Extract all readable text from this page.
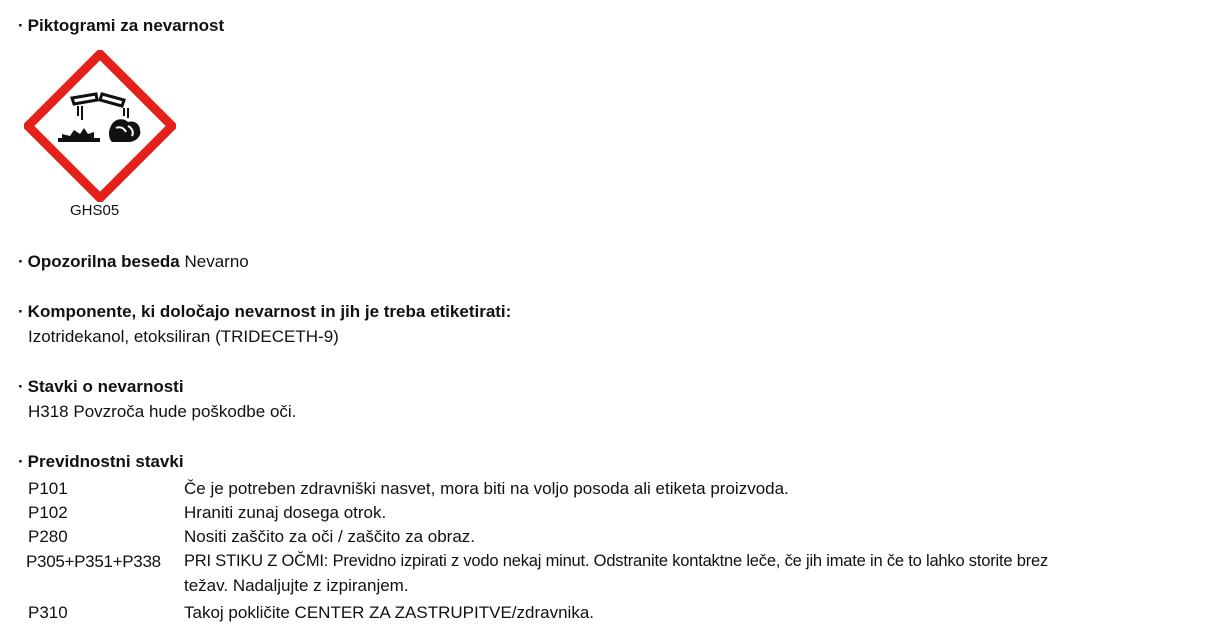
· Piktogrami za nevarnost
GHS05
· Opozorilna beseda Nevarno
· Komponente, ki določajo nevarnost in jih je treba etiketirati:
Izotridekanol, etoksiliran (TRIDECETH-9)
· Stavki o nevarnosti
H318 Povzroča hude poškodbe oči.
· Previdnostni stavki
P101	Če je potreben zdravniški nasvet, mora biti na voljo posoda ali etiketa proizvoda.
P102	Hraniti zunaj dosega otrok.
P280	Nositi zaščito za oči / zaščito za obraz.
P305+P351+P338 PRI STIKU Z OČMI: Previdno izpirati z vodo nekaj minut. Odstranite kontaktne leče, če jih imate in če to lahko storite brez
težav. Nadaljujte z izpiranjem.
P310	Takoj pokličite CENTER ZA ZASTRUPITVE/zdravnika.
